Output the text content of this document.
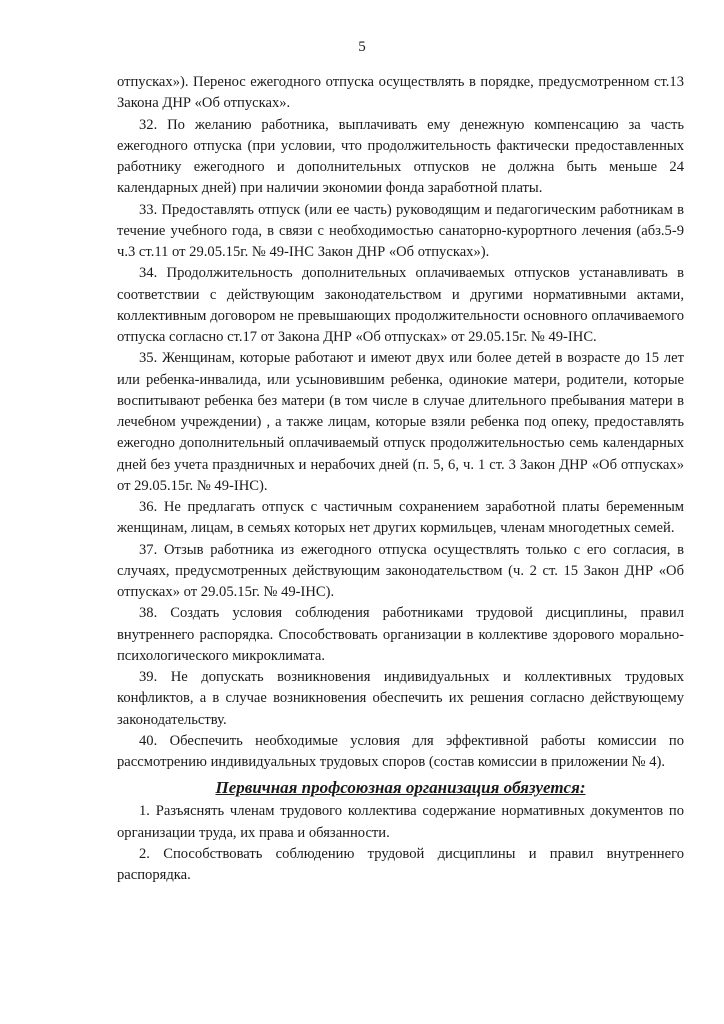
5

отпусках»). Перенос ежегодного отпуска осуществлять в порядке, предусмотренном ст.13 Закона ДНР «Об отпусках».

32. По желанию работника, выплачивать ему денежную компенсацию за часть ежегодного отпуска (при условии, что продолжительность фактически предоставленных работнику ежегодного и дополнительных отпусков не должна быть меньше 24 календарных дней) при наличии экономии фонда заработной платы.

33. Предоставлять отпуск (или ее часть) руководящим и педагогическим работникам в течение учебного года, в связи с необходимостью санаторно-курортного лечения (абз.5-9 ч.3 ст.11 от 29.05.15г. № 49-IНС Закон ДНР «Об отпусках»).

34. Продолжительность дополнительных оплачиваемых отпусков устанавливать в соответствии с действующим законодательством и другими нормативными актами, коллективным договором не превышающих продолжительности основного оплачиваемого отпуска согласно ст.17 от Закона ДНР «Об отпусках» от 29.05.15г. № 49-IНС.

35. Женщинам, которые работают и имеют двух или более детей в возрасте до 15 лет или ребенка-инвалида, или усыновившим ребенка, одинокие матери, родители, которые воспитывают ребенка без матери (в том числе в случае длительного пребывания матери в лечебном учреждении) , а также лицам, которые взяли ребенка под опеку, предоставлять ежегодно дополнительный оплачиваемый отпуск продолжительностью семь календарных дней без учета праздничных и нерабочих дней (п. 5, 6, ч. 1 ст. 3 Закон ДНР «Об отпусках» от 29.05.15г. № 49-IНС).

36. Не предлагать отпуск с частичным сохранением заработной платы беременным женщинам, лицам, в семьях которых нет других кормильцев, членам многодетных семей.

37. Отзыв работника из ежегодного отпуска осуществлять только с его согласия, в случаях, предусмотренных действующим законодательством (ч. 2 ст. 15 Закон ДНР «Об отпусках» от 29.05.15г. № 49-IНС).

38. Создать условия соблюдения работниками трудовой дисциплины, правил внутреннего распорядка. Способствовать организации в коллективе здорового морально-психологического микроклимата.

39. Не допускать возникновения индивидуальных и коллективных трудовых конфликтов, а в случае возникновения обеспечить их решения согласно действующему законодательству.

40. Обеспечить необходимые условия для эффективной работы комиссии по рассмотрению индивидуальных трудовых споров (состав комиссии в приложении № 4).

Первичная профсоюзная организация обязуется:

1. Разъяснять членам трудового коллектива содержание нормативных документов по организации труда, их права и обязанности.

2. Способствовать соблюдению трудовой дисциплины и правил внутреннего распорядка.
